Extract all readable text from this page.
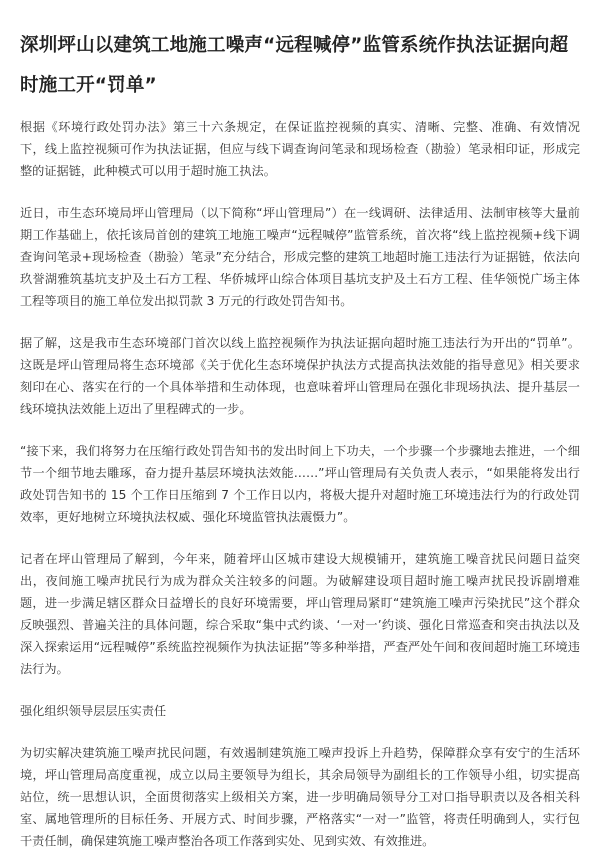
深圳坪山以建筑工地施工噪声“远程喊停”监管系统作执法证据向超时施工开“罚单”

根据《环境行政处罚办法》第三十六条规定，在保证监控视频的真实、清晰、完整、准确、有效情况下，线上监控视频可作为执法证据，但应与线下调查询问笔录和现场检查（勘验）笔录相印证，形成完整的证据链，此种模式可以用于超时施工执法。

近日，市生态环境局坪山管理局（以下简称“坪山管理局”）在一线调研、法律适用、法制审核等大量前期工作基础上，依托该局首创的建筑工地施工噪声“远程喊停”监管系统，首次将“线上监控视频+线下调查询问笔录+现场检查（勘验）笔录”充分结合，形成完整的建筑工地超时施工违法行为证据链，依法向玖誉湖雅筑基坑支护及土石方工程、华侨城坪山综合体项目基坑支护及土石方工程、佳华领悦广场主体工程等项目的施工单位发出拟罚款 3 万元的行政处罚告知书。

据了解，这是我市生态环境部门首次以线上监控视频作为执法证据向超时施工违法行为开出的“罚单”。这既是坪山管理局将生态环境部《关于优化生态环境保护执法方式提高执法效能的指导意见》相关要求刻印在心、落实在行的一个具体举措和生动体现，也意味着坪山管理局在强化非现场执法、提升基层一线环境执法效能上迈出了里程碑式的一步。

“接下来，我们将努力在压缩行政处罚告知书的发出时间上下功夫，一个步骤一个步骤地去推进，一个细节一个细节地去雕琢，奋力提升基层环境执法效能……”坪山管理局有关负责人表示，“如果能将发出行政处罚告知书的 15 个工作日压缩到 7 个工作日以内，将极大提升对超时施工环境违法行为的行政处罚效率，更好地树立环境执法权威、强化环境监管执法震慑力”。

记者在坪山管理局了解到，今年来，随着坪山区城市建设大规模铺开，建筑施工噪音扰民问题日益突出，夜间施工噪声扰民行为成为群众关注较多的问题。为破解建设项目超时施工噪声扰民投诉剧增难题，进一步满足辖区群众日益增长的良好环境需要，坪山管理局紧盯“建筑施工噪声污染扰民”这个群众反映强烈、普遍关注的具体问题，综合采取“集中式约谈、‘一对一’约谈、强化日常巡查和突击执法以及深入探索运用“远程喊停”系统监控视频作为执法证据”等多种举措，严查严处午间和夜间超时施工环境违法行为。

强化组织领导层层压实责任

为切实解决建筑施工噪声扰民问题，有效遏制建筑施工噪声投诉上升趋势，保障群众享有安宁的生活环境，坪山管理局高度重视，成立以局主要领导为组长，其余局领导为副组长的工作领导小组，切实提高站位，统一思想认识，全面贯彻落实上级相关方案，进一步明确局领导分工对口指导职责以及各相关科室、属地管理所的目标任务、开展方式、时间步骤，严格落实“一对一”监管，将责任明确到人，实行包干责任制，确保建筑施工噪声整治各项工作落到实处、见到实效、有效推进。
